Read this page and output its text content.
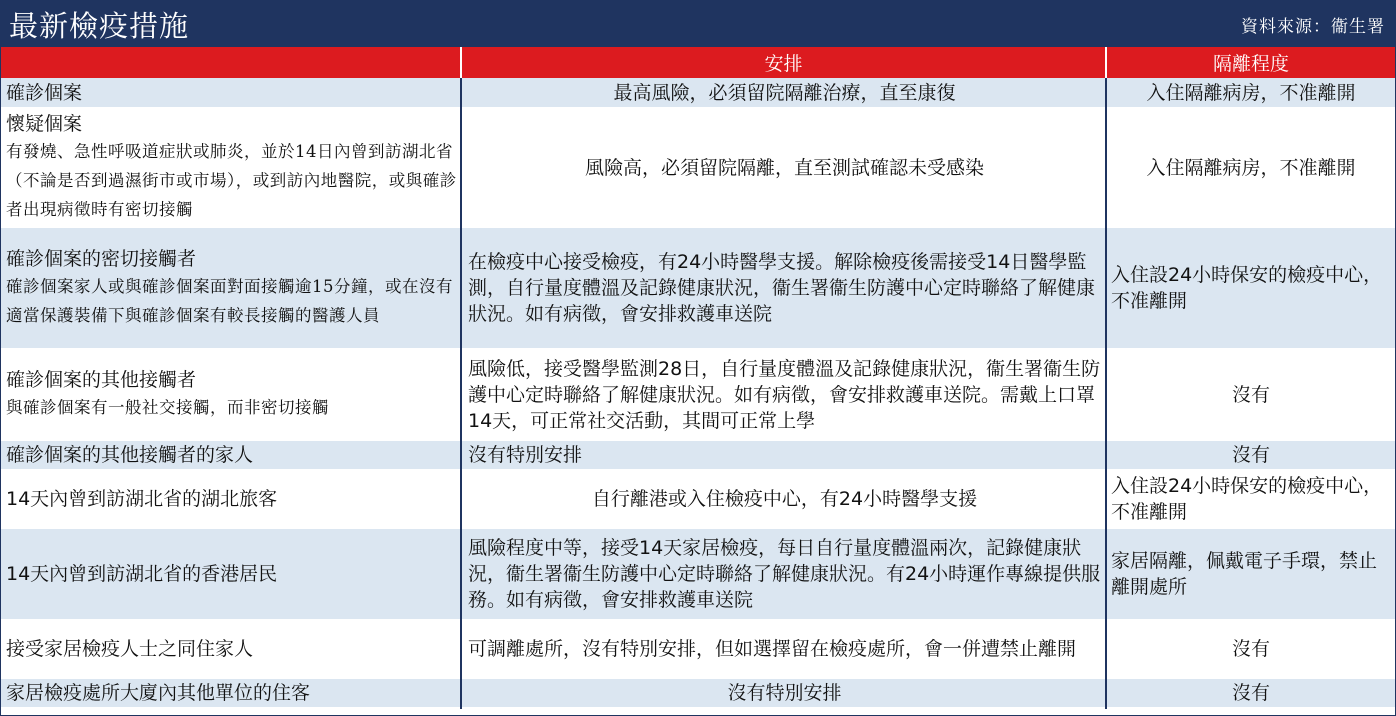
最新檢疫措施	資料來源：衞生署
	安排	隔離程度

確診個案	最高風險，必須留院隔離治療，直至康復	入住隔離病房，不准離開

懷疑個案
有發燒、急性呼吸道症狀或肺炎，並於14日內曾到訪湖北省（不論是否到過濕街市或市場），或到訪內地醫院，或與確診者出現病徵時有密切接觸	風險高，必須留院隔離，直至測試確認未受感染	入住隔離病房，不准離開

確診個案的密切接觸者
確診個案家人或與確診個案面對面接觸逾15分鐘，或在沒有適當保護裝備下與確診個案有較長接觸的醫護人員	在檢疫中心接受檢疫，有24小時醫學支援。解除檢疫後需接受14日醫學監測，自行量度體溫及記錄健康狀況，衞生署衞生防護中心定時聯絡了解健康狀況。如有病徵，會安排救護車送院	入住設24小時保安的檢疫中心，不准離開

確診個案的其他接觸者
與確診個案有一般社交接觸，而非密切接觸	風險低，接受醫學監測28日，自行量度體溫及記錄健康狀況，衞生署衞生防護中心定時聯絡了解健康狀況。如有病徵，會安排救護車送院。需戴上口罩14天，可正常社交活動，其間可正常上學	沒有

確診個案的其他接觸者的家人	沒有特別安排	沒有

14天內曾到訪湖北省的湖北旅客	自行離港或入住檢疫中心，有24小時醫學支援	入住設24小時保安的檢疫中心，不准離開

14天內曾到訪湖北省的香港居民	風險程度中等，接受14天家居檢疫，每日自行量度體溫兩次，記錄健康狀況，衞生署衞生防護中心定時聯絡了解健康狀況。有24小時運作專線提供服務。如有病徵，會安排救護車送院	家居隔離，佩戴電子手環，禁止離開處所

接受家居檢疫人士之同住家人	可調離處所，沒有特別安排，但如選擇留在檢疫處所，會一併遭禁止離開	沒有

家居檢疫處所大廈內其他單位的住客	沒有特別安排	沒有
